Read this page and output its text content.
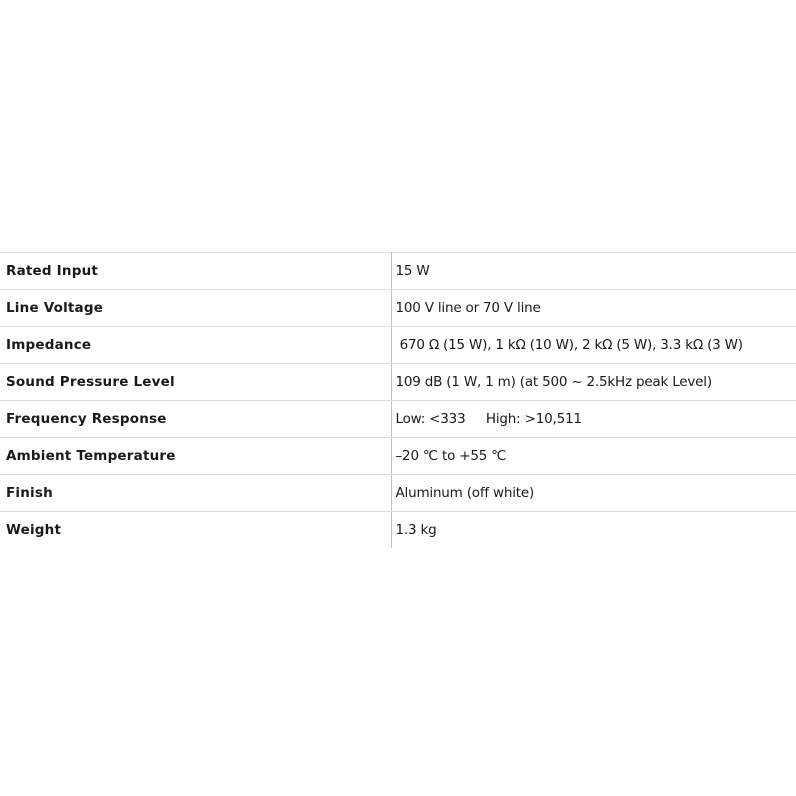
Rated Input	15 W
Line Voltage	100 V line or 70 V line
Impedance	670 Ω (15 W), 1 kΩ (10 W), 2 kΩ (5 W), 3.3 kΩ (3 W)
Sound Pressure Level	109 dB (1 W, 1 m) (at 500 ~ 2.5kHz peak Level)
Frequency Response	Low: <333     High: >10,511
Ambient Temperature	–20 ℃ to +55 ℃
Finish	Aluminum (off white)
Weight	1.3 kg
